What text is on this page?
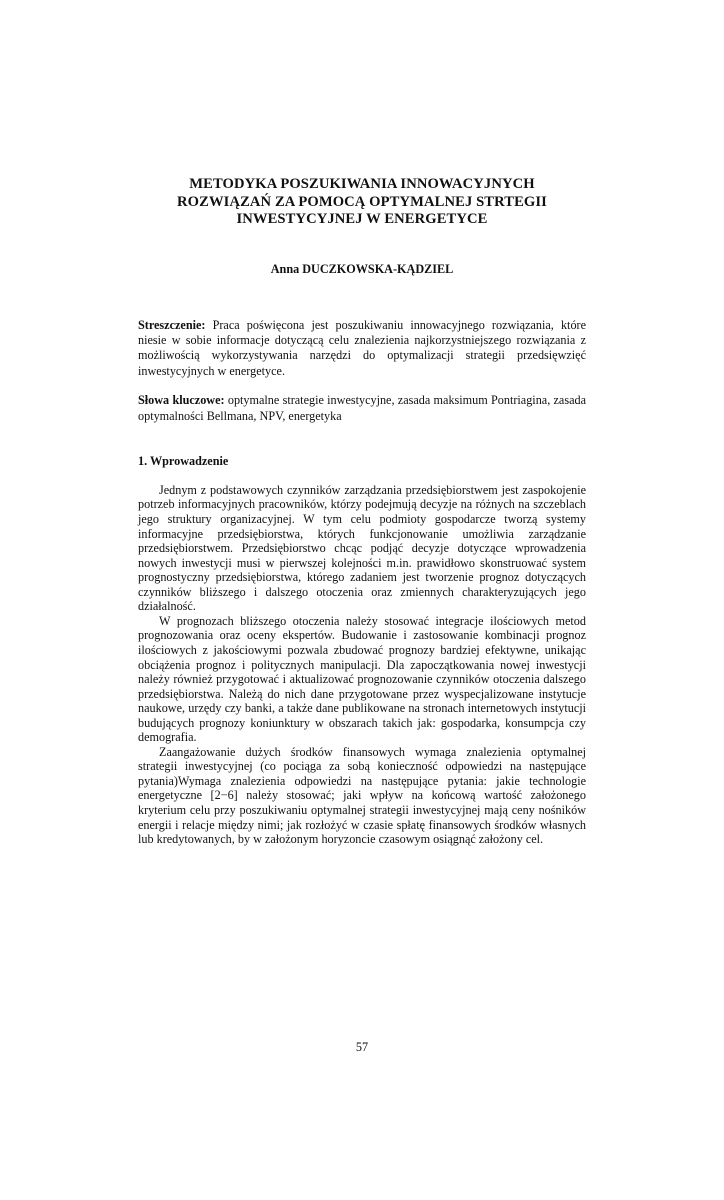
METODYKA POSZUKIWANIA INNOWACYJNYCH
ROZWIĄZAŃ ZA POMOCĄ OPTYMALNEJ STRTEGII
INWESTYCYJNEJ W ENERGETYCE
Anna DUCZKOWSKA-KĄDZIEL
Streszczenie: Praca poświęcona jest poszukiwaniu innowacyjnego rozwiązania, które niesie w sobie informacje dotyczącą celu znalezienia najkorzystniejszego rozwiązania z możliwością wykorzystywania narzędzi do optymalizacji strategii przedsięwzięć inwestycyjnych w energetyce.
Słowa kluczowe: optymalne strategie inwestycyjne, zasada maksimum Pontriagina, zasada optymalności Bellmana, NPV, energetyka
1. Wprowadzenie

Jednym z podstawowych czynników zarządzania przedsiębiorstwem jest zaspokojenie potrzeb informacyjnych pracowników, którzy podejmują decyzje na różnych na szczeblach jego struktury organizacyjnej. W tym celu podmioty gospodarcze tworzą systemy informacyjne przedsiębiorstwa, których funkcjonowanie umożliwia zarządzanie przedsiębiorstwem. Przedsiębiorstwo chcąc podjąć decyzje dotyczące wprowadzenia nowych inwestycji musi w pierwszej kolejności m.in. prawidłowo skonstruować system prognostyczny przedsiębiorstwa, którego zadaniem jest tworzenie prognoz dotyczących czynników bliższego i dalszego otoczenia oraz zmiennych charakteryzujących jego działalność.

W prognozach bliższego otoczenia należy stosować integracje ilościowych metod prognozowania oraz oceny ekspertów. Budowanie i zastosowanie kombinacji prognoz ilościowych z jakościowymi pozwala zbudować prognozy bardziej efektywne, unikając obciążenia prognoz i politycznych manipulacji. Dla zapoczątkowania nowej inwestycji należy również przygotować i aktualizować prognozowanie czynników otoczenia dalszego przedsiębiorstwa. Należą do nich dane przygotowane przez wyspecjalizowane instytucje naukowe, urzędy czy banki, a także dane publikowane na stronach internetowych instytucji budujących prognozy koniunktury w obszarach takich jak: gospodarka, konsumpcja czy demografia.

Zaangażowanie dużych środków finansowych wymaga znalezienia optymalnej strategii inwestycyjnej (co pociąga za sobą konieczność odpowiedzi na następujące pytania)Wymaga znalezienia odpowiedzi na następujące pytania: jakie technologie energetyczne [2−6] należy stosować; jaki wpływ na końcową wartość założonego kryterium celu przy poszukiwaniu optymalnej strategii inwestycyjnej mają ceny nośników energii i relacje między nimi; jak rozłożyć w czasie spłatę finansowych środków własnych lub kredytowanych, by w założonym horyzoncie czasowym osiągnąć założony cel.

57
